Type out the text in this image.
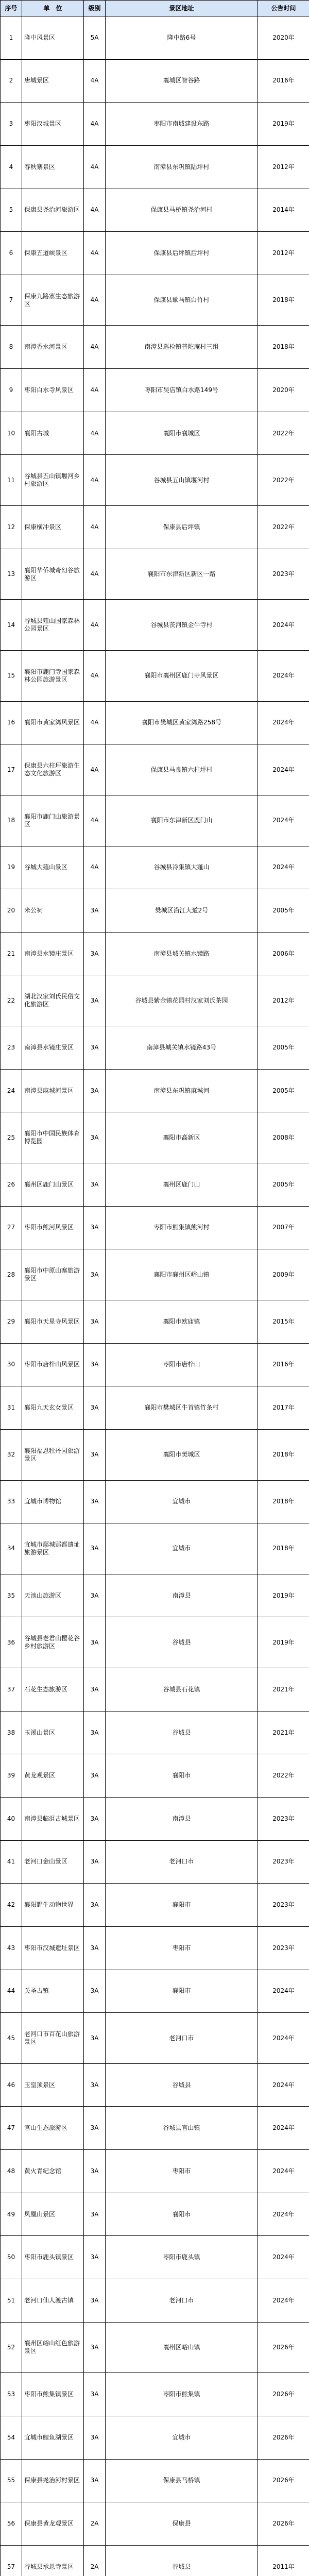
序号	单　位	级别	景区地址	公告时间
1	隆中风景区	5A	隆中路6号	2020年
2	唐城景区	4A	襄城区智谷路	2016年
3	枣阳汉城景区	4A	枣阳市南城建设东路	2019年
4	春秋寨景区	4A	南漳县东巩镇陆坪村	2012年
5	保康县尧治河旅游区	4A	保康县马桥镇尧治河村	2014年
6	保康五道峡景区	4A	保康县后坪镇后坪村	2012年
7	保康九路寨生态旅游区	4A	保康县歇马镇白竹村	2018年
8	南漳香水河景区	4A	南漳县巡检镇普陀庵村三组	2018年
9	枣阳白水寺风景区	4A	枣阳市吴店镇白水路149号	2020年
10	襄阳古城	4A	襄阳市襄城区	2022年
11	谷城县五山镇堰河乡村旅游区	4A	谷城县五山镇堰河村	2022年
12	保康横冲景区	4A	保康县后坪镇	2022年
13	襄阳华侨城奇幻谷旅游区	4A	襄阳市东津新区新区一路	2023年
14	谷城县薤山国家森林公园景区	4A	谷城县茨河镇金牛寺村	2024年
15	襄阳市鹿门寺国家森林公园旅游景区	4A	襄阳市襄州区鹿门寺风景区	2024年
16	襄阳市黄家湾风景区	4A	襄阳市樊城区黄家湾路258号	2024年
17	保康县六柱坪旅游生态文化旅游区	4A	保康县马良镇六柱坪村	2024年
18	襄阳市鹿门山旅游景区	4A	襄阳市东津新区鹿门山	2024年
19	谷城大薤山景区	4A	谷城县冷集镇大薤山	2024年
20	米公祠	3A	樊城区沿江大道2号	2005年
21	南漳县水镜庄景区	3A	南漳县城关镇水镜路	2006年
22	湖北汉家刘氏民俗文化旅游区	3A	谷城县紫金镇花园村汉家刘氏茶园	2012年
23	南漳县水镜庄景区	3A	南漳县城关镇水镜路43号	2005年
24	南漳县麻城河景区	3A	南漳县东巩镇麻城河	2005年
25	襄阳市中国民族体育博览园	3A	襄阳市高新区	2008年
26	襄州区鹿门山景区	3A	襄州区鹿门山	2005年
27	枣阳市熊河风景区	3A	枣阳市熊集镇熊河村	2007年
28	襄阳市中原山寨旅游景区	3A	襄阳市襄州区峪山镇	2009年
29	襄阳市天星寺风景区	3A	襄阳市欧庙镇	2015年
30	枣阳市唐梓山风景区	3A	枣阳市唐梓山	2016年
31	襄阳九天玄女景区	3A	襄阳市樊城区牛首镇竹条村	2017年
32	襄阳福恩牡丹园旅游景区	3A	襄阳市樊城区	2018年
33	宜城市博物馆	3A	宜城市	2018年
34	宜城市鄢城郢都遗址旅游景区	3A	宜城市	2018年
35	天池山旅游区	3A	南漳县	2019年
36	谷城县老君山樱花谷乡村旅游区	3A	谷城县	2019年
37	石花生态旅游区	3A	谷城县石花镇	2021年
38	玉溪山景区	3A	谷城县	2021年
39	黄龙观景区	3A	襄阳市	2022年
40	南漳县临沮古城景区	3A	南漳县	2023年
41	老河口金山景区	3A	老河口市	2023年
42	襄阳野生动物世界	3A	襄阳市	2023年
43	枣阳市汉城遗址景区	3A	枣阳市	2023年
44	关圣古镇	3A	襄阳市	2024年
45	老河口市百花山旅游景区	3A	老河口市	2024年
46	玉皇顶景区	3A	谷城县	2024年
47	官山生态旅游区	3A	谷城县官山镇	2024年
48	黄火青纪念馆	3A	枣阳市	2024年
49	凤凰山景区	3A	襄阳市	2024年
50	枣阳市鹿头镇景区	3A	枣阳市鹿头镇	2024年
51	老河口仙人渡古镇	3A	老河口市	2024年
52	襄州区峪山红色旅游景区	3A	襄州区峪山镇	2026年
53	枣阳市熊集镇景区	3A	枣阳市熊集镇	2026年
54	宜城市鲤鱼湖景区	3A	宜城市	2026年
55	保康县尧治河村景区	3A	保康县马桥镇	2026年
56	保康县黄龙观景区	2A	保康县	2026年
57	谷城县承恩寺景区	2A	谷城县	2011年
